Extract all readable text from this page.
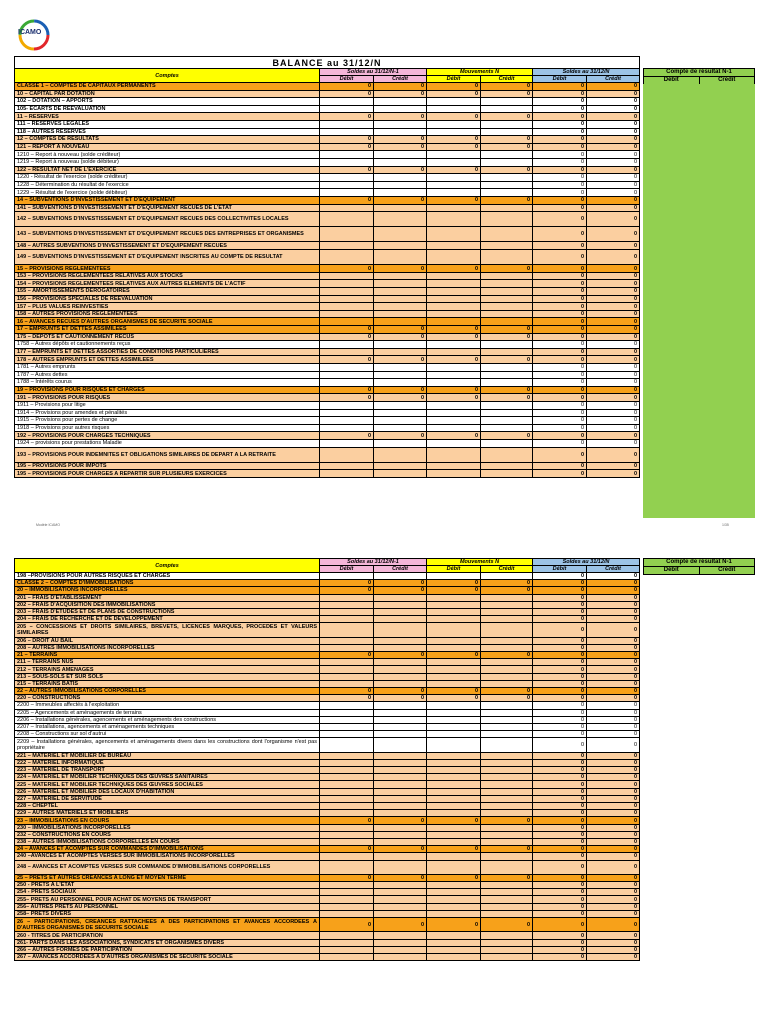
ICAMO
BALANCE au 31/12/N
Comptes	Soldes au 31/12/N-1		Mouvements N		Soldes au 31/12/N	
	Débit	Crédit	Débit	Crédit	Débit	Crédit
CLASSE 1 – COMPTES DE CAPITAUX PERMANENTS	0	0	0	0	0	0
10 – CAPITAL PAR DOTATION	0	0	0	0	0	0
102 – DOTATION – APPORTS					0	0
105- ECARTS DE REEVALUATION					0	0
11 – RESERVES	0	0	0	0	0	0
111 – RESERVES LEGALES					0	0
118 – AUTRES RESERVES					0	0
12 – COMPTES DE RESULTATS	0	0	0	0	0	0
121 – REPORT A NOUVEAU	0	0	0	0	0	0
1210 – Report à nouveau (solde créditeur)					0	0
1219 – Report à nouveau (solde débiteur)					0	0
122 – RESULTAT NET DE L'EXERCICE	0	0	0	0	0	0
1220 - Résultat de l'exercice (solde créditeur)					0	0
1228 – Détermination du résultat de l'exercice					0	0
1229 – Résultat de l'exercice (solde débiteur)					0	0
14 – SUBVENTIONS D'INVESTISSEMENT ET D'EQUIPEMENT	0	0	0	0	0	0
141 – SUBVENTIONS D'INVESTISSEMENT ET D'EQUIPEMENT RECUES DE L'ETAT					0	0
142 – SUBVENTIONS D'INVESTISSEMENT ET D'EQUIPEMENT RECUES DES COLLECTIVITES LOCALES					0	0
143 – SUBVENTIONS D'INVESTISSEMENT ET D'EQUIPEMENT RECUES DES ENTREPRISES ET ORGANISMES					0	0
148 – AUTRES SUBVENTIONS D'INVESTISSEMENT ET D'EQUIPEMENT RECUES					0	0
149 – SUBVENTIONS D'INVESTISSEMENT ET D'EQUIPEMENT INSCRITES AU COMPTE DE RESULTAT					0	0
15 – PROVISIONS REGLEMENTEES	0	0	0	0	0	0
153 – PROVISIONS REGLEMENTEES RELATIVES AUX STOCKS					0	0
154 – PROVISIONS REGLEMENTEES RELATIVES AUX AUTRES ELEMENTS DE L'ACTIF					0	0
155 – AMORTISSEMENTS DEROGATOIRES					0	0
156 – PROVISIONS SPECIALES DE REEVALUATION					0	0
157 – PLUS VALUES REINVESTIES					0	0
158 – AUTRES PROVISIONS REGLEMENTEES					0	0
16 – AVANCES RECUES D'AUTRES ORGANISMES DE SECURITE SOCIALE					0	0
17 – EMPRUNTS ET DETTES ASSIMILEES	0	0	0	0	0	0
175 – DEPOTS ET CAUTIONNEMENT RECUS	0	0	0	0	0	0
1758 – Autres dépôts et cautionnements reçus					0	0
177 – EMPRUNTS ET DETTES ASSORTIES DE CONDITIONS PARTICULIERES					0	0
178 – AUTRES EMPRUNTS ET DETTES ASSIMILEES	0	0	0	0	0	0
1781 – Autres emprunts					0	0
1787 – Autres dettes					0	0
1788 – Intérêts courus					0	0
19 – PROVISIONS POUR RISQUES ET CHARGES	0	0	0	0	0	0
191 – PROVISIONS POUR RISQUES	0	0	0	0	0	0
1911 – Provisions pour litige					0	0
1914 – Provisions pour amendes et pénalités					0	0
1915 – Provisions pour pertes de change					0	0
1918 – Provisions pour autres risques					0	0
192 – PROVISIONS POUR CHARGES TECHNIQUES	0	0	0	0	0	0
1924 – provisions pour prestations Maladie					0	0
193 – PROVISIONS POUR INDEMNITES ET OBLIGATIONS SIMILAIRES DE DEPART A LA RETRAITE					0	0
195 – PROVISIONS POUR IMPOTS					0	0
195 – PROVISIONS POUR CHARGES A REPARTIR SUR PLUSIEURS EXERCICES					0	0
Compte de résultat N-1
Débit	Crédit
Modèle ICAMO	1/35
Comptes	Soldes au 31/12/N-1		Mouvements N		Soldes au 31/12/N	
	Débit	Crédit	Débit	Crédit	Débit	Crédit
198 –PROVISIONS POUR AUTRES RISQUES ET CHARGES					0	0
CLASSE 2 – COMPTES D'IMMOBILISATIONS	0	0	0	0	0	0
20 – IMMOBILISATIONS INCORPORELLES	0	0	0	0	0	0
201 – FRAIS D'ETABLISSEMENT					0	0
202 – FRAIS D'ACQUISITION DES IMMOBILISATIONS					0	0
203 – FRAIS D'ETUDES ET DE PLANS DE CONSTRUCTIONS					0	0
204 – FRAIS DE RECHERCHE ET DE DEVELOPPEMENT					0	0
205 – CONCESSIONS ET DROITS SIMILAIRES, BREVETS, LICENCES MARQUES, PROCEDES ET VALEURS SIMILAIRES					0	0
206 – DROIT AU BAIL					0	0
208 – AUTRES IMMOBILISATIONS INCORPORELLES					0	0
21 – TERRAINS	0	0	0	0	0	0
211 – TERRAINS NUS					0	0
212 – TERRAINS AMENAGES					0	0
213 – SOUS-SOLS ET SUR SOLS					0	0
215 – TERRAINS BATIS					0	0
22 – AUTRES IMMOBILISATIONS CORPORELLES	0	0	0	0	0	0
220 – CONSTRUCTIONS	0	0	0	0	0	0
2200 – Immeubles affectés à l'exploitation					0	0
2205 – Agencements et aménagements de terrains					0	0
2206 – Installations générales, agencements et aménagements des constructions					0	0
2207 – Installations, agencements et aménagements techniques					0	0
2208 – Constructions sur sol d'autrui					0	0
2209 – Installations générales, agencements et aménagements divers dans les constructions dont l'organisme n'est pas propriétaire					0	0
221 – MATERIEL ET MOBILIER DE BUREAU					0	0
222 – MATERIEL INFORMATIQUE					0	0
223 – MATERIEL DE TRANSPORT					0	0
224 – MATERIEL ET MOBILIER TECHNIQUES DES ŒUVRES SANITAIRES					0	0
225 – MATERIEL ET MOBILIER TECHNIQUES DES ŒUVRES SOCIALES					0	0
226 – MATERIEL ET MOBILIER DES LOCAUX D'HABITATION					0	0
227 – MATERIEL DE SERVITUDE					0	0
228 – CHEPTEL					0	0
229 – AUTRES MATERIELS ET MOBILIERS					0	0
23 – IMMOBILISATIONS EN COURS	0	0	0	0	0	0
230 – IMMOBILISATIONS INCORPORELLES					0	0
232 – CONSTRUCTIONS EN COURS					0	0
238 – AUTRES IMMOBILISATIONS CORPORELLES EN COURS					0	0
24 – AVANCES ET ACOMPTES SUR COMMANDES D'IMMOBILISATIONS	0	0	0	0	0	0
240 –AVANCES ET ACOMPTES VERSES SUR IMMOBILISATIONS INCORPORELLES					0	0
248 – AVANCES ET ACOMPTES VERSES SUR COMMANDE D'IMMOBILISATIONS CORPORELLES					0	0
25 – PRETS ET AUTRES CREANCES A LONG ET MOYEN TERME	0	0	0	0	0	0
250 - PRETS A L'ETAT					0	0
254 - PRETS SOCIAUX					0	0
255– PRETS AU PERSONNEL POUR ACHAT DE MOYENS DE TRANSPORT					0	0
256– AUTRES PRETS AU PERSONNEL					0	0
258– PRETS DIVERS					0	0
26 – PARTICIPATIONS, CREANCES RATTACHEES A DES PARTICIPATIONS ET AVANCES ACCORDEES A D'AUTRES ORGANISMES DE SECURITE SOCIALE	0	0	0	0	0	0
260 - TITRES DE PARTICIPATION					0	0
261- PARTS DANS LES ASSOCIATIONS, SYNDICATS ET ORGANISMES DIVERS					0	0
266 – AUTRES FORMES DE PARTICIPATION					0	0
267 – AVANCES ACCORDEES A D'AUTRES ORGANISMES DE SECURITE SOCIALE					0	0
Compte de résultat N-1
Débit	Crédit
